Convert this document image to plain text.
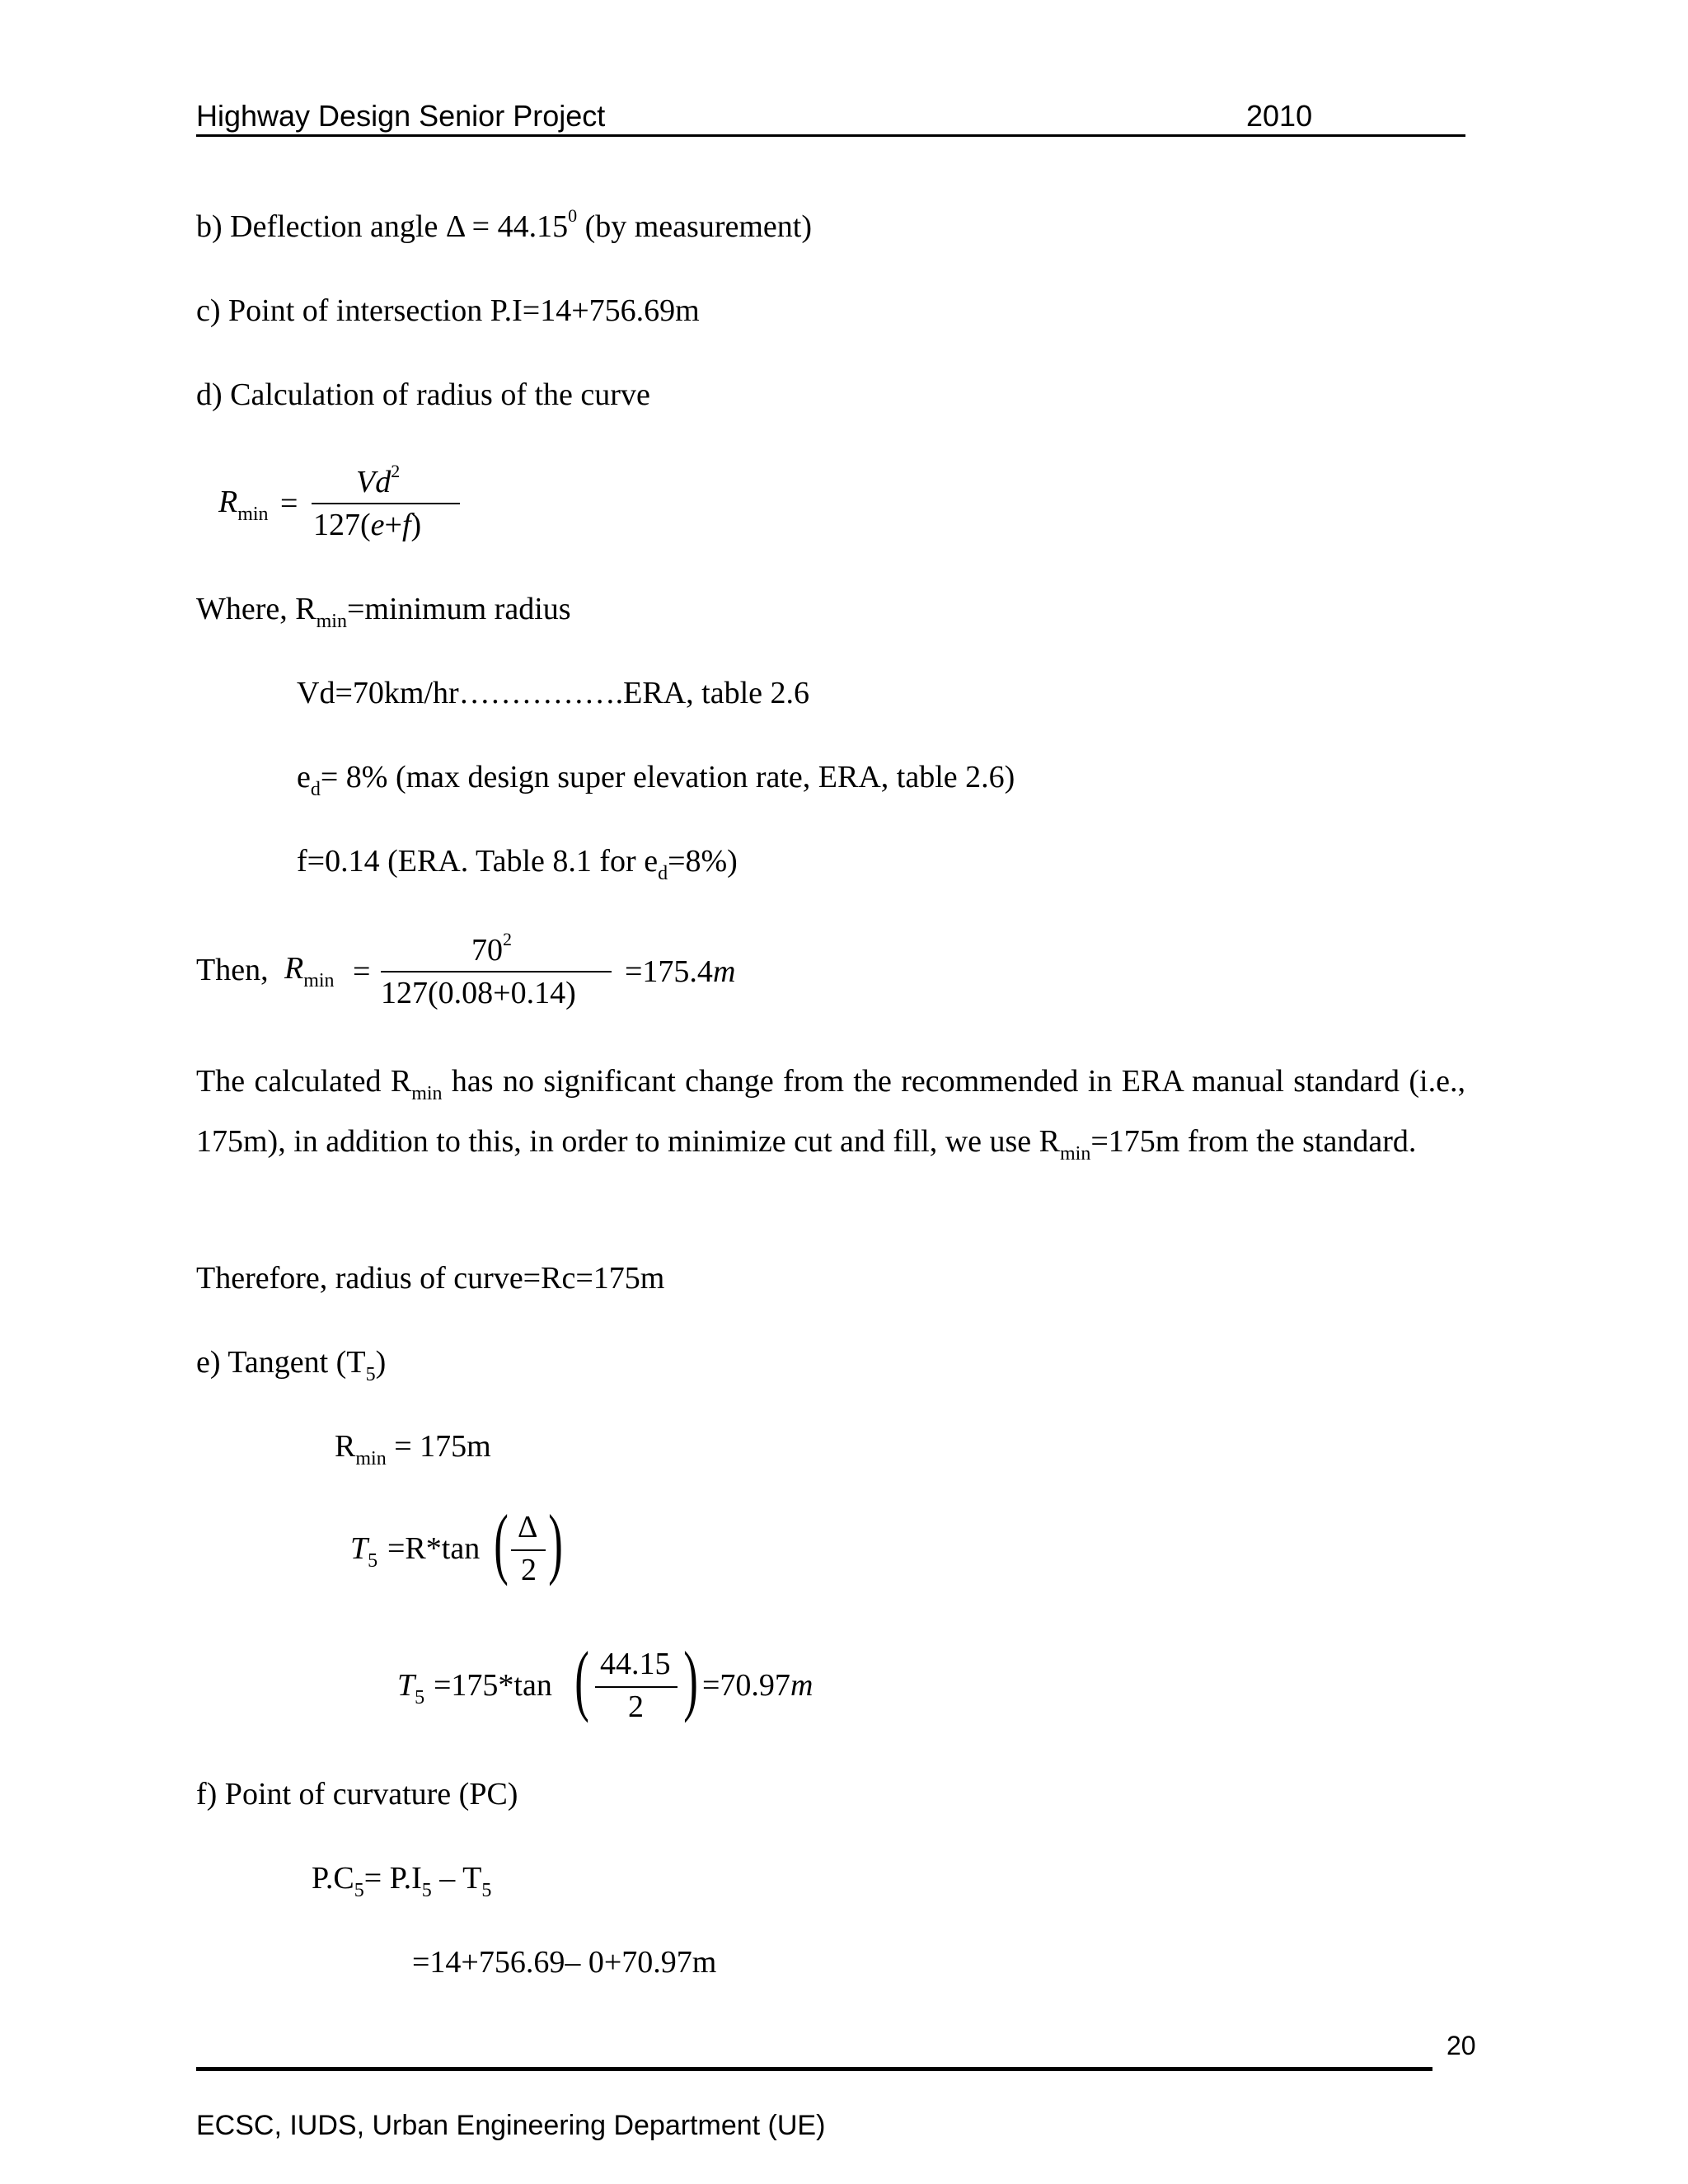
Highway Design Senior Project	2010
b) Deflection angle $\Delta = 44.15^0$ (by measurement)
c) Point of intersection P.I=14+756.69m
d) Calculation of radius of the curve
$R_{min}$ =
$Vd^2$
127(e+f)
Where, $R_{min}=minimum$ radius
Vd=70km/hr…………….ERA, table 2.6
$e_d= 8\%$ (max design super elevation rate, ERA, table 2.6)
f=0.14 (ERA. Table 8.1 for $e_d=8\%$)
Then, $R_{min}$ =
$70^2$
127(0.08+0.14)
=175.4m
The calculated $R_{min}$ has no significant change from the recommended in ERA manual standard (i.e., 175m), in addition to this, in order to minimize cut and fill, we use $R_{min}=175m$ from the standard.
Therefore, radius of curve=Rc=175m
e) Tangent $(T_5)$
$R_{min} = 175m$
$T_5 =R*\tan$ ( Δ
2 )
$T_5 =175*\tan$ ( 44.15
2 ) =70.97m
f) Point of curvature (PC)
$P.C_5= P.I_5 - T_5$
=14+756.69– 0+70.97m
20
ECSC, IUDS, Urban Engineering Department (UE)
